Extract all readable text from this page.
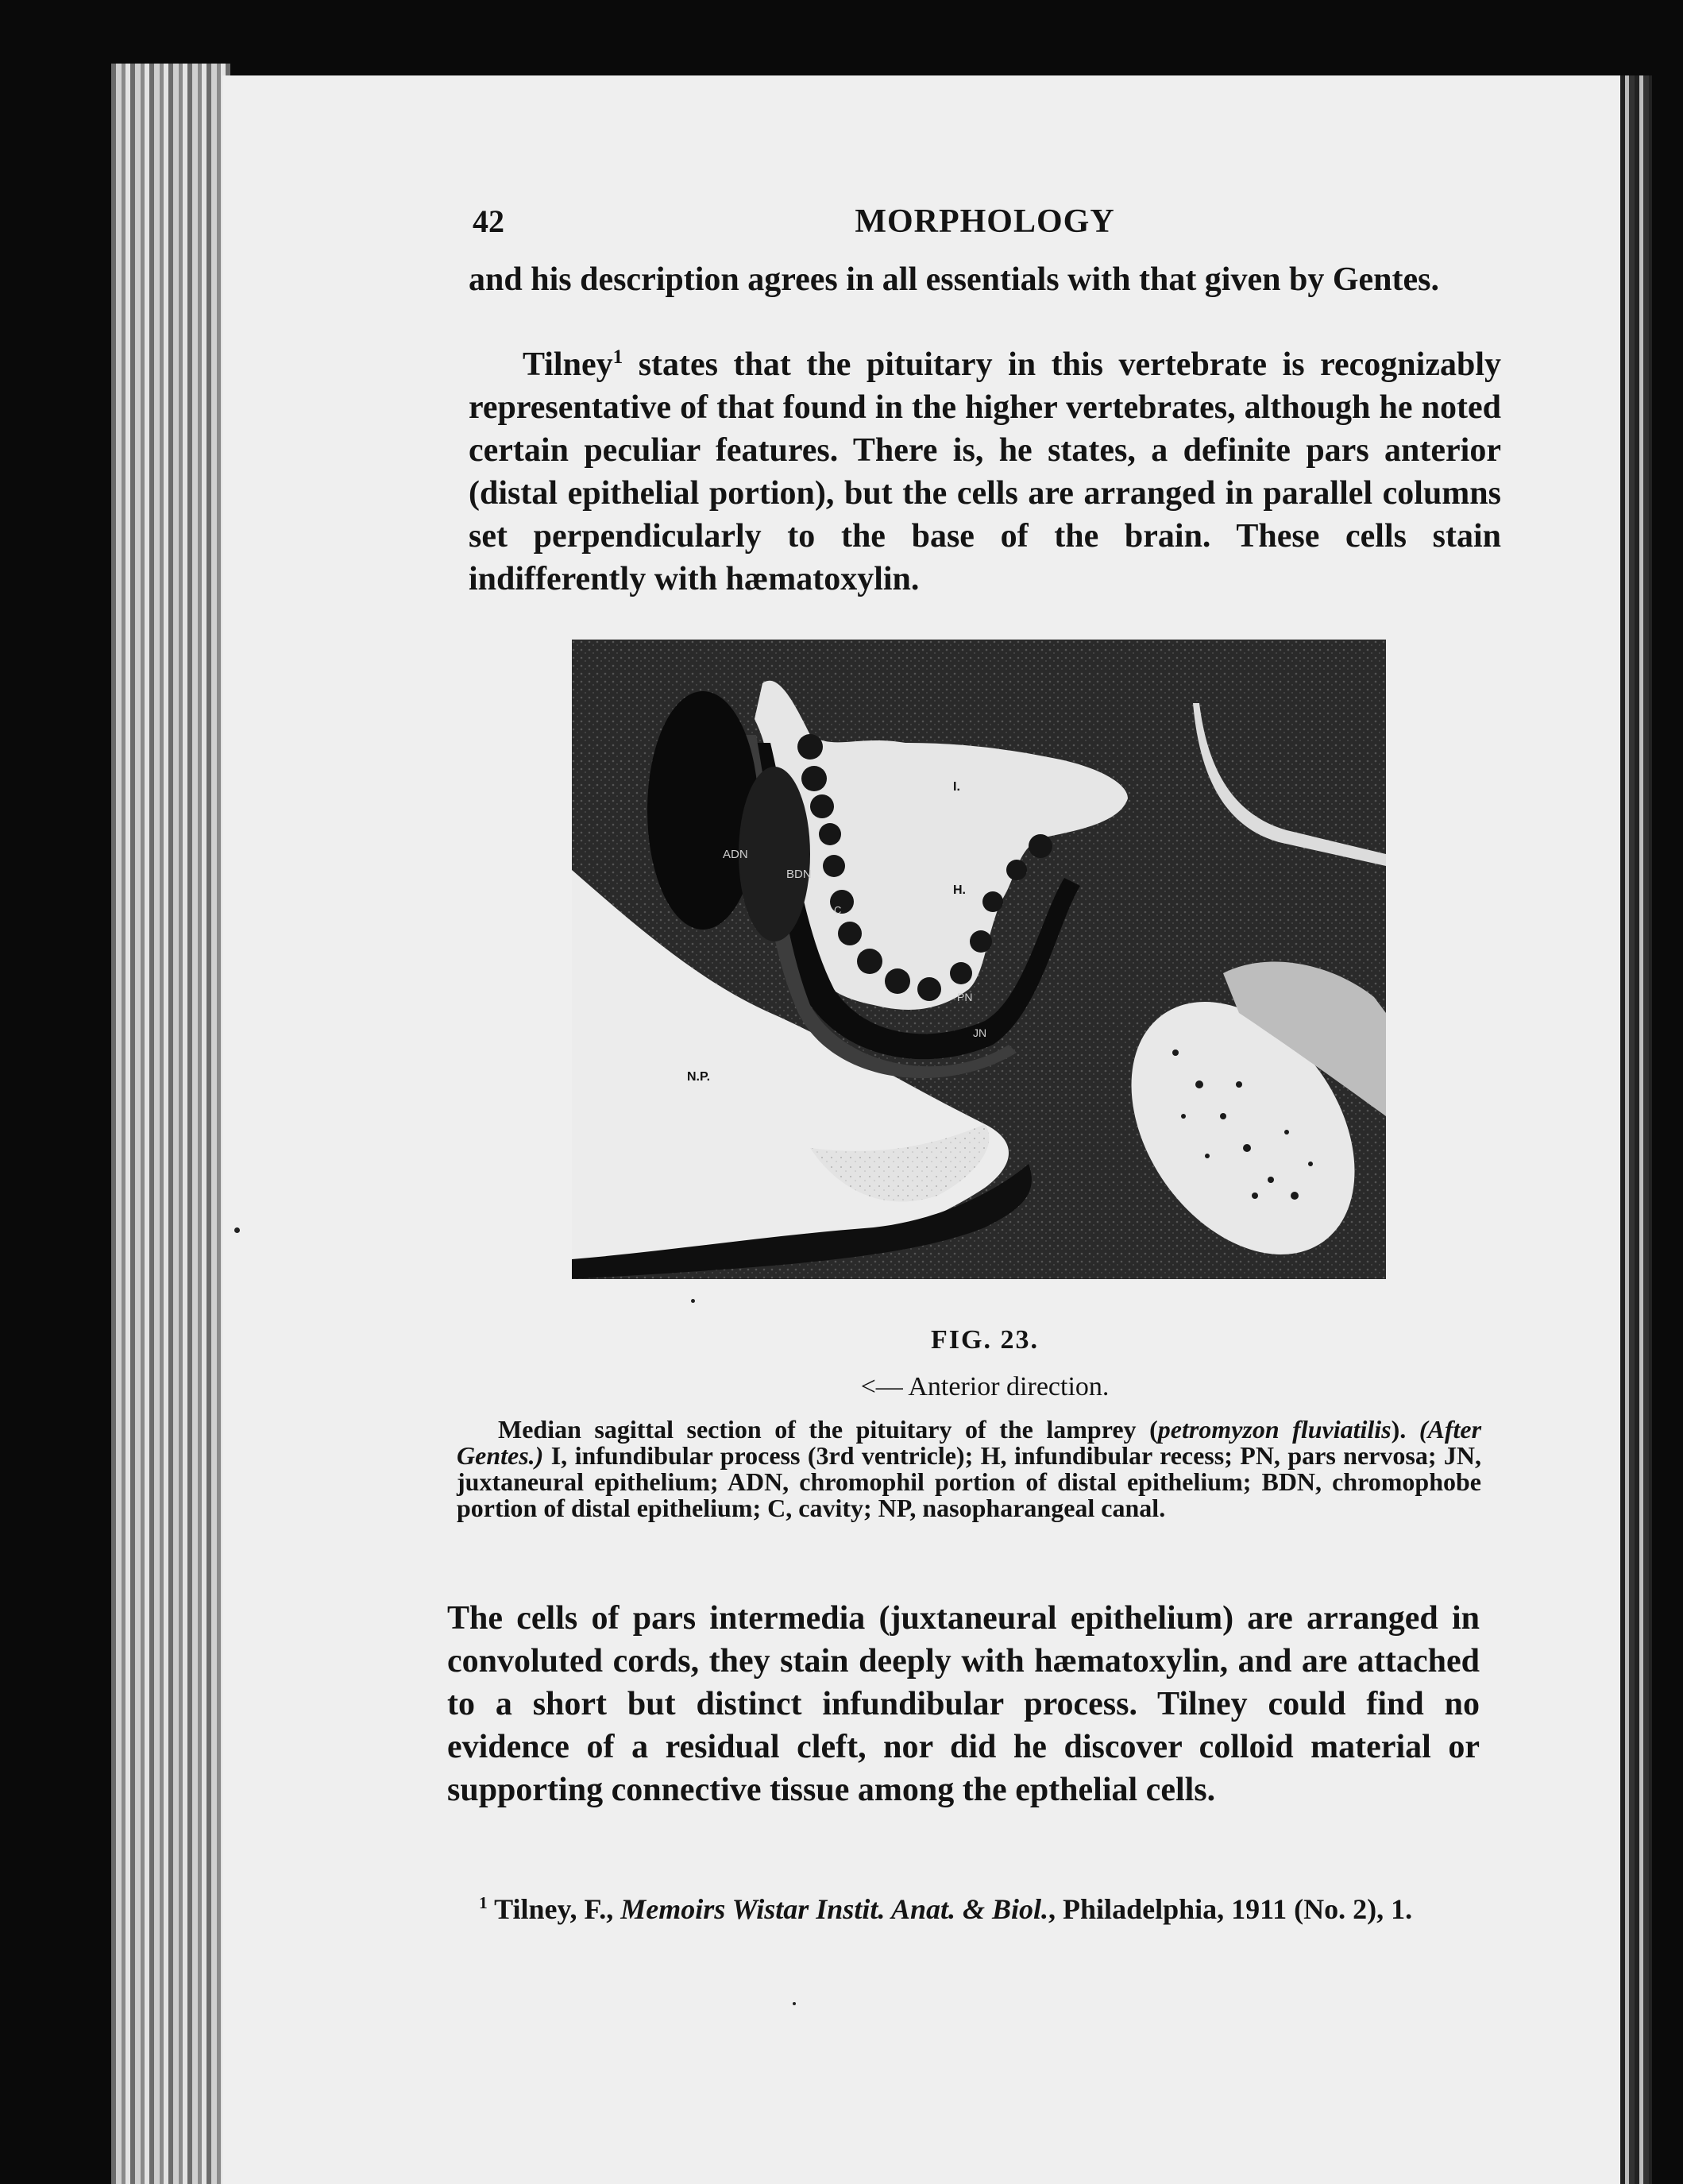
42	MORPHOLOGY

and his description agrees in all essentials with that given by Gentes.

Tilney$^1$ states that the pituitary in this vertebrate is recognizably representative of that found in the higher vertebrates, although he noted certain peculiar features. There is, he states, a definite pars anterior (distal epithelial portion), but the cells are arranged in parallel columns set perpendicularly to the base of the brain. These cells stain indifferently with hæmatoxylin.

I.
H.
ADN
BDN
C
PN
JN
N.P.
FIG. 23.
<— Anterior direction.
Median sagittal section of the pituitary of the lamprey (petromyzon fluviatilis). (After Gentes.) I, infundibular process (3rd ventricle); H, infundibular recess; PN, pars nervosa; JN, juxtaneural epithelium; ADN, chromophil portion of distal epithelium; BDN, chromophobe portion of distal epithelium; C, cavity; NP, nasopharangeal canal.

The cells of pars intermedia (juxtaneural epithelium) are arranged in convoluted cords, they stain deeply with hæmatoxylin, and are attached to a short but distinct infundibular process. Tilney could find no evidence of a residual cleft, nor did he discover colloid material or supporting connective tissue among the epthelial cells.

$^1$ Tilney, F., Memoirs Wistar Instit. Anat. & Biol., Philadelphia, 1911 (No. 2), 1.
